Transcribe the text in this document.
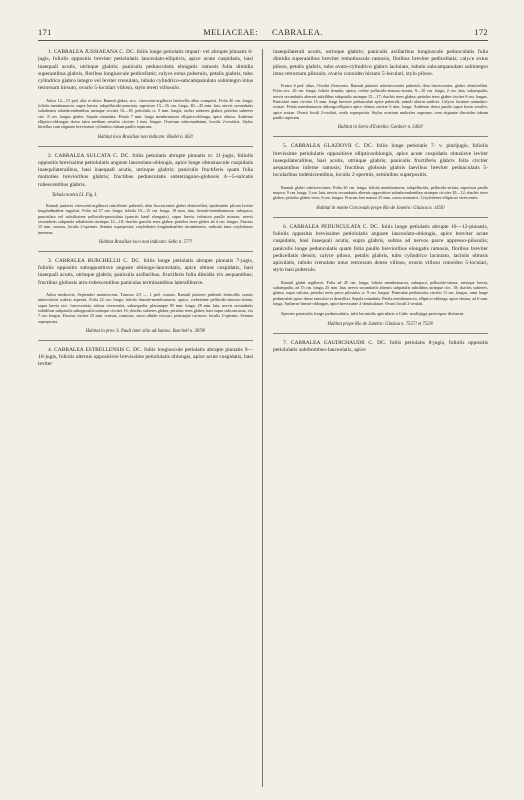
171	MELIACEAE: CABRALEA.	172

1. CABRALEA JUSSIAEANA C. DC. foliis longe petiolatis impari- vel abrupte pinnatis 6-jugis, foliolis oppositis breviter petiolulatis lanceolato-ellipticis, apice acute cuspidatis, basi inaequali acutis, utrinque glabris; paniculis pedunculatis elongatis ramosis folia dimidia superantibus glabris, floribus longiuscule pedicellatis; calyce extus puberulo, petalis glabris, tubo cylindrico glabro integro vel leviter crenulato, tubulo cylindrico-subcampanulato subintegro intus retrorsum hirsuto, ovario 5-loculari villoso, stylo tereti villosulo.

Arbor 12—15 ped. alta et altior. Ramuli glabri, sicc. virescenti-argillacei lenticellis albis conspersi. Folia 40 cm. longa; foliola membranacea, supra laevia, subpellucido-punctata, superiora 13—16 cm. longa, 40—45 mm. lata, nervis secundariis subalternis subadscendentibus utrinque circiter 16—18, petiolulis cr. 5 mm. longis; rachis subteres glabra; petiolus subteres circ. 8 cm. longus glaber. Sepala rotundata. Petala 7 mm. longa membranacea elliptico-oblonga, apice obtusa. Antherae elliptico-oblongae dorso intra medium sessiles circiter 1 mm. longae. Ovarium subrotundatum, loculis 2-ovulatis. Stylus hirtellus cum stigmate brevissime cylindrico tubum paullo superans.

Habitat loco Brasiliae non indicato: Riedel n. 662!

2. CABRALEA SULCATA C. DC. foliis petiolatis abrupte pinnatis cr. 11-jugis, foliolis oppositis brevissime petiolulatis anguste lanceolato-oblongis, apice longe obtusiuscule cuspidatis inaequilateralibus, basi inaequali acutis, utrinque glabris; paniculis fructiferis quam folia multoties brevioribus glabris; fructibus pedunculatis subtetragono-globosis 4—5-sulcatis rubescentibus glabris.

Tabula nostra LI. Fig. I.

Ramuli juniores virescenti-argillacei subcilleate puberuli, dein fuscescentes glabri elenticellati, epidermide plicata leviter longitudinaliter rugulosi. Folia ad 27 cm. longa; foliola 10—15 cm. longa, 18 mm. lata, firmule-membranacea, subopaca, punctulata vel subtilissime pellucido-punctulata (punctis haud elongatis), supra laevia, inferiora paullo minora, nervis secundariis subpatule subalternis utrinque 12—18; rhachis gracilis teres glabra; petiolus teres glaber ad 4 cm. longus. Fructus 15 mm. crassus, loculis 2-spermis. Semina superposita; cotyledones longitudinaliter incumbentes, radicula intra cotyledones immersa.

Habitat Brasiliae loco non indicato: Sello n. 577!

3. CABRALEA BURCHELLII C. DC. foliis longe petiolatis abrupte pinnatis 7-jugis, foliolis oppositis suboppositisve anguste oblongo-lanceolatis, apice obtuse cuspidatis, basi inaequali acutis, utrinque glabris; paniculis axillaribus, fructiferis folia dimidia vix aequantibus; fructibus globosis atro-rubescentibus paniculas terminantibus lateralibusve.

Arbor mediocris, Septembri maturescens. Truncus 2/3 — 1 ped. crassus. Ramuli juniores puberuli lenticellis crassis tuberculosis scabris asperati. Folia 22 cm. longa; foliola firmule-membranacea, opaca, creberrime pellucido-sinuoso-striata, supra laevia sicc. fuscescentia, subtus virescentia, subaequalia, plerumque 95 mm. longa, 28 mm. lata, nervis secundariis subtilibus subpatulis suboppositis utrinque circiter 16; rhachis subteres glabra; petiolus teres glaber, basi supra subconcavus, vix 7 cm. longus. Fructus circiter 25 mm. crassus, carnosus, succo albido viscoso, pericarpio coriaceo, loculis 2-spermis. Semina superposita.

Habitat in prov. S. Pauli inter sitio ad Santos: Burchell n. 3078!

4. CABRALEA ESTRELLENSIS C. DC. foliis longiuscule petiolatis abrupte pinnatis 9—10-jugis, foliolis alternis oppositisve brevissime petiolulatis oblongis, apice acute cuspidatis, basi leviter

inaequilaterali acutis, utrinque glabris; paniculis axillaribus longiuscule pedunculatis folia dimidia superantibus breviter remotiuscule ramosis, floribus breviter pedicellatis; calyce extus piloso, petalis glabris, tubo ovato-cylindrico glabro laciniato, tubulo subcampanulato subintegro intus retrorsum pilosulo, ovario conoideo hirsuto 5-loculari, stylo piloso.

Frutex 6 ped. altus, Octobri florescens. Ramuli juniores subvirescentes puberuli, dein fuscescentes, glabri, elenticellati. Folia circ. 26 cm. longa; foliola firmula, opaca, crebre pellucido-sinuoso-striata, 9—10 cm. longa, 2 cm. lata, subaequalia, nervis secundariis alternis subtilibus subpatulis utrinque 15—17; rhachis teres glabra; petiolus teres glaber circiter 6 cm. longus. Paniculae rami circiter 15 mm. longi breviter pedunculati apice puberuli, ramuli abortu unifiori. Calycis laciniae rotundato-ovatae. Petala membranacea oblongo-elliptica apice obtusa circiter 6 mm. longa. Antherae dorso paullo supra basin sessiles, apice acutae. Ovarii loculi 2-ovulati, ovula superposita. Stylus ovarium multoties superans, cum stigmate discoideo tubum paullo superans.

Habitat in Serra d'Estrella: Gardner n. 5403!

5. CABRALEA GLAZIOVII C. DC. foliis longe petiolatis 7- v. plurijugis, foliolis brevissime petiolulatis oppositisve ellipticooblongis, apice acute cuspidatis obtusisve leviter inaequilateralibus, basi acutis, utrinque glabris; paniculis fructiferis glabris folia circiter aequantibus inferne ramosis; fructibus globosis glabris laevibus breviter pedunculatis 5-locularibus indehiscentibus, loculis 2-spermis, seminibus superpositis.

Ramuli glabri subvirescentes. Folia 20 cm. longa; foliola membranacea, subpellucida, pellucido-striata, superiora paullo majora, 9 cm. longa, 3 cm. lata, nervis secundariis alternis oppositisve subadscendentibus utrinque circiter 10—12; rhachis teres glabra; petiolus glaber teres, 6 cm. longus. Fructus fere maturi 25 mm. crassi aromatici. Cotyledones ellipticae virescentes.

Habitat in monte Corcovado prope Rio de Janeiro: Glaziou n. 1450!

6. CABRALEA PEDUNCULATA C. DC. foliis longe petiolatis abrupte 10—12-pinnatis, foliolis oppositis brevissime petiolulatis anguste lanceolato-oblongis, apice breviter acute cuspidatis, basi inaequali acutis, supra glabris, subtus ad nervos parce appresso-pilosulis; paniculis longe pedunculatis quam folia paullo brevioribus elongatis ramosis, floribus breviter pedicellatis densis; calyce piloso, petalis glabris, tubo cylindrico laciniato, laciniis obtusis apiculatis, tubulo crenulato intus retrorsum denso villoso, ovario villoso conoideo 5-loculari, stylo basi puberulo.

Ramuli glabri argillacei. Folia ad 45 cm. longa; foliola membranacea, subopaca, pellucido-striata, utrinque laevia, subaequalia, ad 15 cm. longa, 25 mm. lata, nervis secundariis alternis subpatulis subtilibus utrinque circ. 18; rhachis subteres, glabra, supra sulcata; petiolus teres parce pilosulus cr. 9 cm. longus. Paniculae pedunculus circiter 11 cm. longus, rami longe pedunculati apice dense ramulosi et densiflori. Sepala rotundata. Petala membranacea, elliptico-oblonga, apice obtusa, ad 6 mm. longa. Antherae lineari-oblongae, apice brevissime 2-denticulatae. Ovarii loculi 2-ovulati.

Species paniculis longe pedunculatis, tubi laciniulis apiculatis a Cabr. multijuga praecipue distincta.

Habitat prope Rio de Janeiro: Glaziou n. 7557! et 7559!

7. CABRALEA GAUDICHAUDII C. DC. foliis petiolatis 8-jugis, foliolis oppositis petiolulatis subrhombeo-lanceolatis, apice
